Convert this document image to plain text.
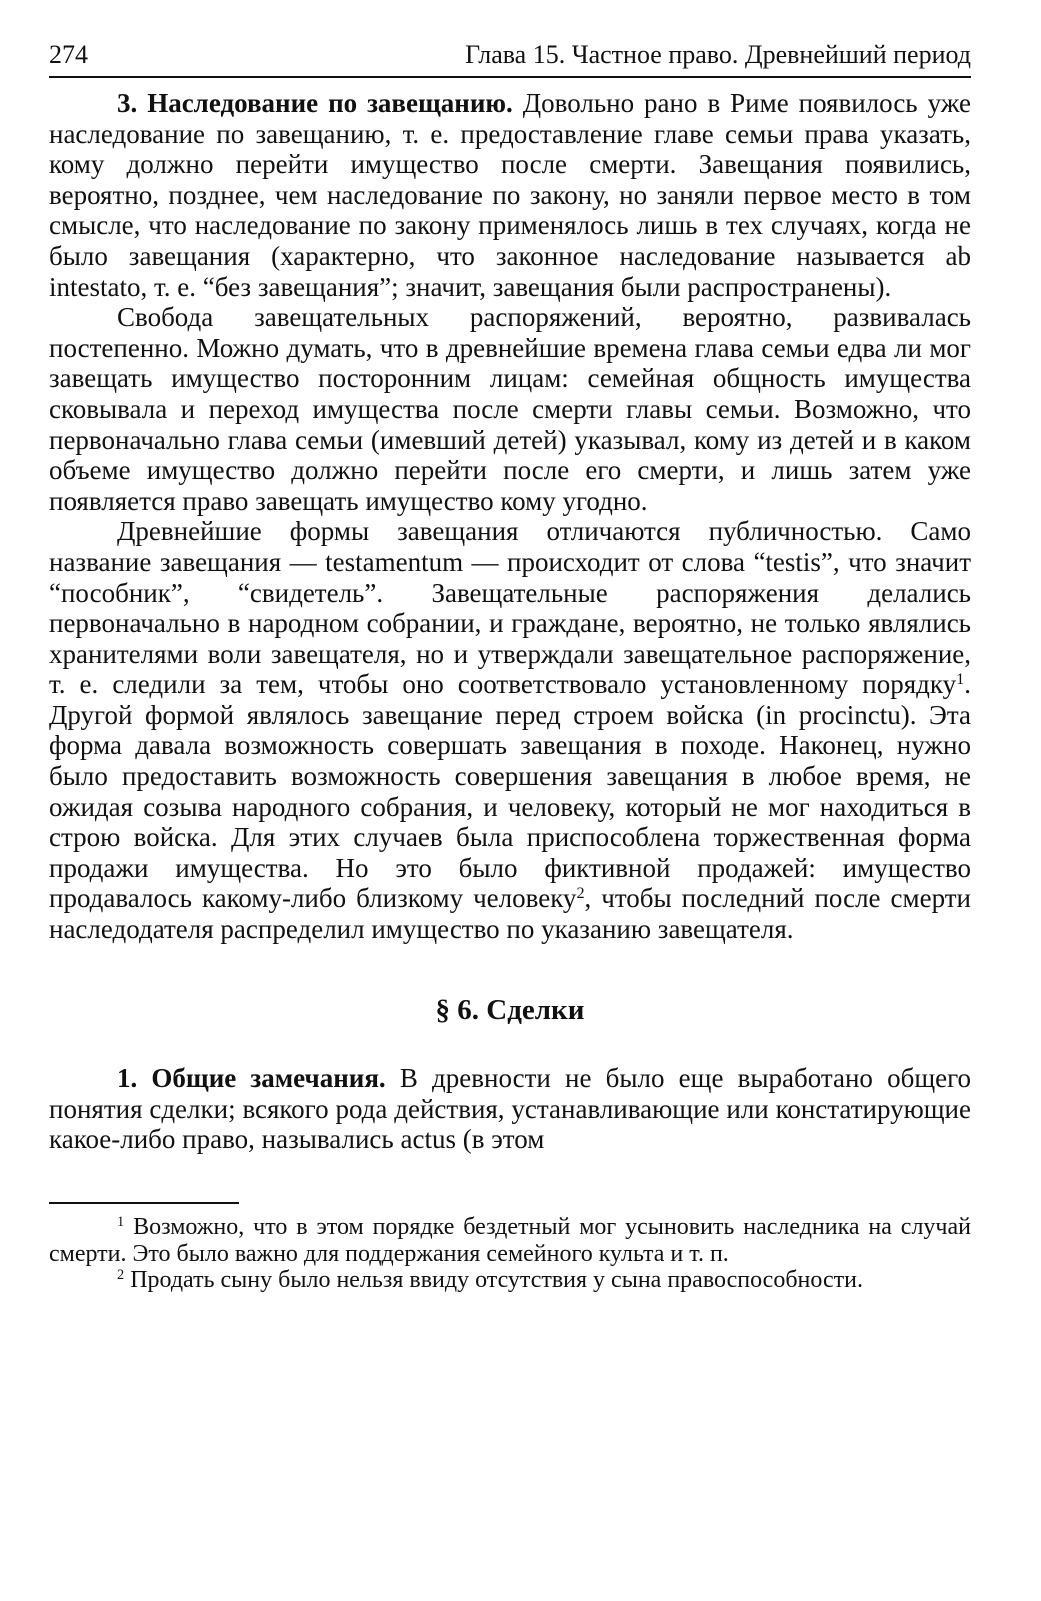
274	Глава 15. Частное право. Древнейший период

3. Наследование по завещанию. Довольно рано в Риме появилось уже наследование по завещанию, т. е. предоставление главе семьи права указать, кому должно перейти имущество после смерти. Завещания появились, вероятно, позднее, чем наследование по закону, но заняли первое место в том смысле, что наследование по закону применялось лишь в тех случаях, когда не было завещания (характерно, что законное наследование называется ab intestato, т. е. “без завещания”; значит, завещания были распространены).

Свобода завещательных распоряжений, вероятно, развивалась постепенно. Можно думать, что в древнейшие времена глава семьи едва ли мог завещать имущество посторонним лицам: семейная общность имущества сковывала и переход имущества после смерти главы семьи. Возможно, что первоначально глава семьи (имевший детей) указывал, кому из детей и в каком объеме имущество должно перейти после его смерти, и лишь затем уже появляется право завещать имущество кому угодно.

Древнейшие формы завещания отличаются публичностью. Само название завещания — testamentum — происходит от слова “testis”, что значит “пособник”, “свидетель”. Завещательные распоряжения делались первоначально в народном собрании, и граждане, вероятно, не только являлись хранителями воли завещателя, но и утверждали завещательное распоряжение, т. е. следили за тем, чтобы оно соответствовало установленному порядку$^1$. Другой формой являлось завещание перед строем войска (in procinctu). Эта форма давала возможность совершать завещания в походе. Наконец, нужно было предоставить возможность совершения завещания в любое время, не ожидая созыва народного собрания, и человеку, который не мог находиться в строю войска. Для этих случаев была приспособлена торжественная форма продажи имущества. Но это было фиктивной продажей: имущество продавалось какому-либо близкому человеку$^2$, чтобы последний после смерти наследодателя распределил имущество по указанию завещателя.

§ 6. Сделки

1. Общие замечания. В древности не было еще выработано общего понятия сделки; всякого рода действия, устанавливающие или констатирующие какое-либо право, назывались actus (в этом

$^1$ Возможно, что в этом порядке бездетный мог усыновить наследника на случай смерти. Это было важно для поддержания семейного культа и т. п.

$^2$ Продать сыну было нельзя ввиду отсутствия у сына правоспособности.
